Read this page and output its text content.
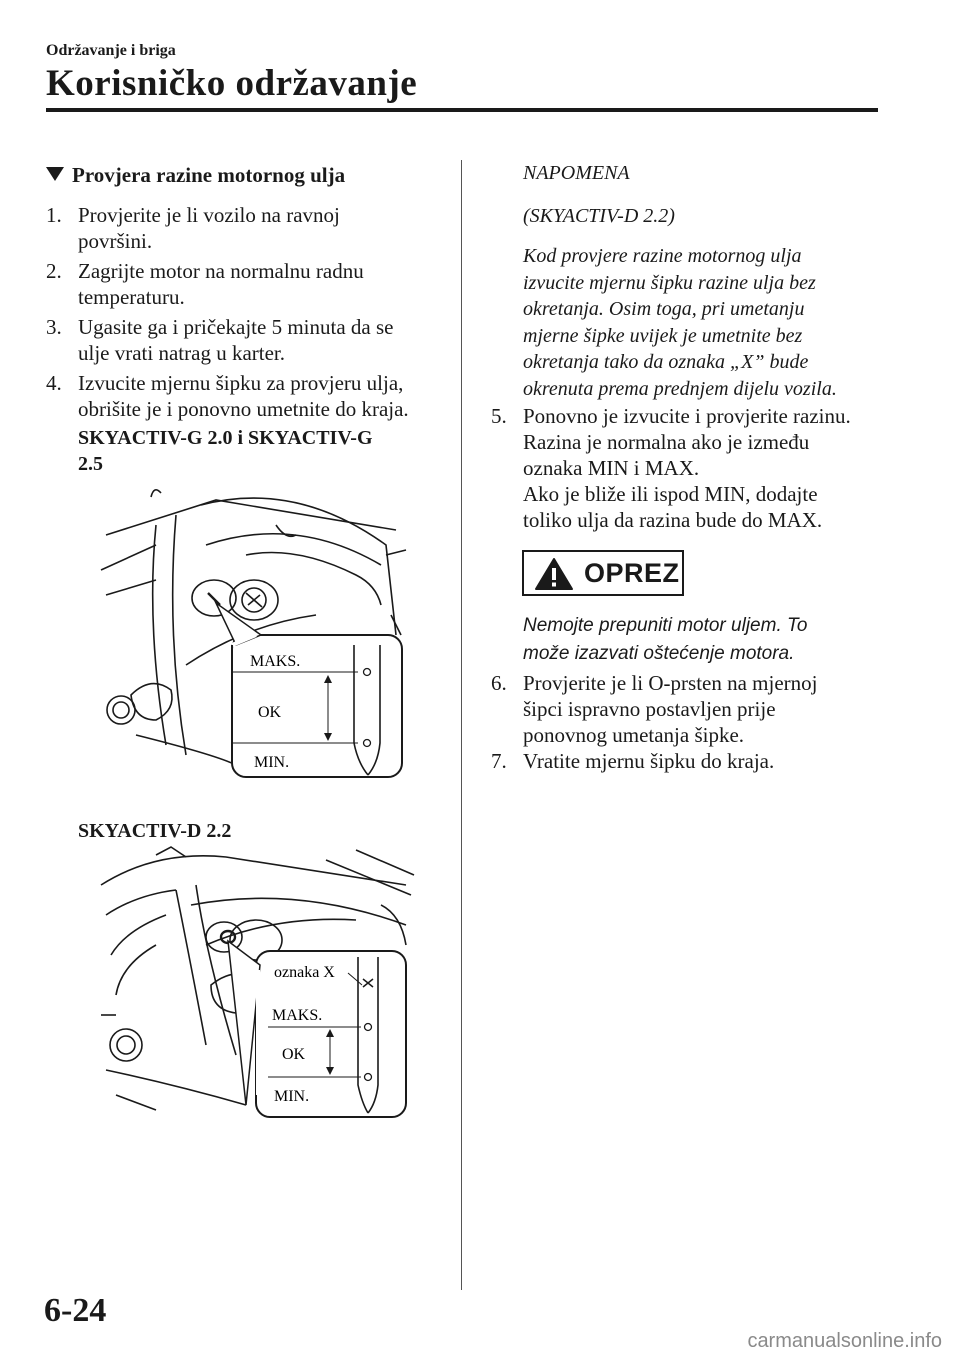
Održavanje i briga
Korisničko održavanje
Provjera razine motornog ulja
1. Provjerite je li vozilo na ravnoj
površini.
2. Zagrijte motor na normalnu radnu
temperaturu.
3. Ugasite ga i pričekajte 5 minuta da se
ulje vrati natrag u karter.
4. Izvucite mjernu šipku za provjeru ulja,
obrišite je i ponovno umetnite do kraja.
SKYACTIV-G 2.0 i SKYACTIV-G
2.5
MAKS.
OK
MIN.
SKYACTIV-D 2.2
oznaka X
MAKS.
OK
MIN.
NAPOMENA
(SKYACTIV-D 2.2)
Kod provjere razine motornog ulja
izvucite mjernu šipku razine ulja bez
okretanja. Osim toga, pri umetanju
mjerne šipke uvijek je umetnite bez
okretanja tako da oznaka „X” bude
okrenuta prema prednjem dijelu vozila.
5. Ponovno je izvucite i provjerite razinu.
Razina je normalna ako je između
oznaka MIN i MAX.
Ako je bliže ili ispod MIN, dodajte
toliko ulja da razina bude do MAX.
OPREZ
Nemojte prepuniti motor uljem. To
može izazvati oštećenje motora.
6. Provjerite je li O-prsten na mjernoj
šipci ispravno postavljen prije
ponovnog umetanja šipke.
7. Vratite mjernu šipku do kraja.
6-24
carmanualsonline.info
